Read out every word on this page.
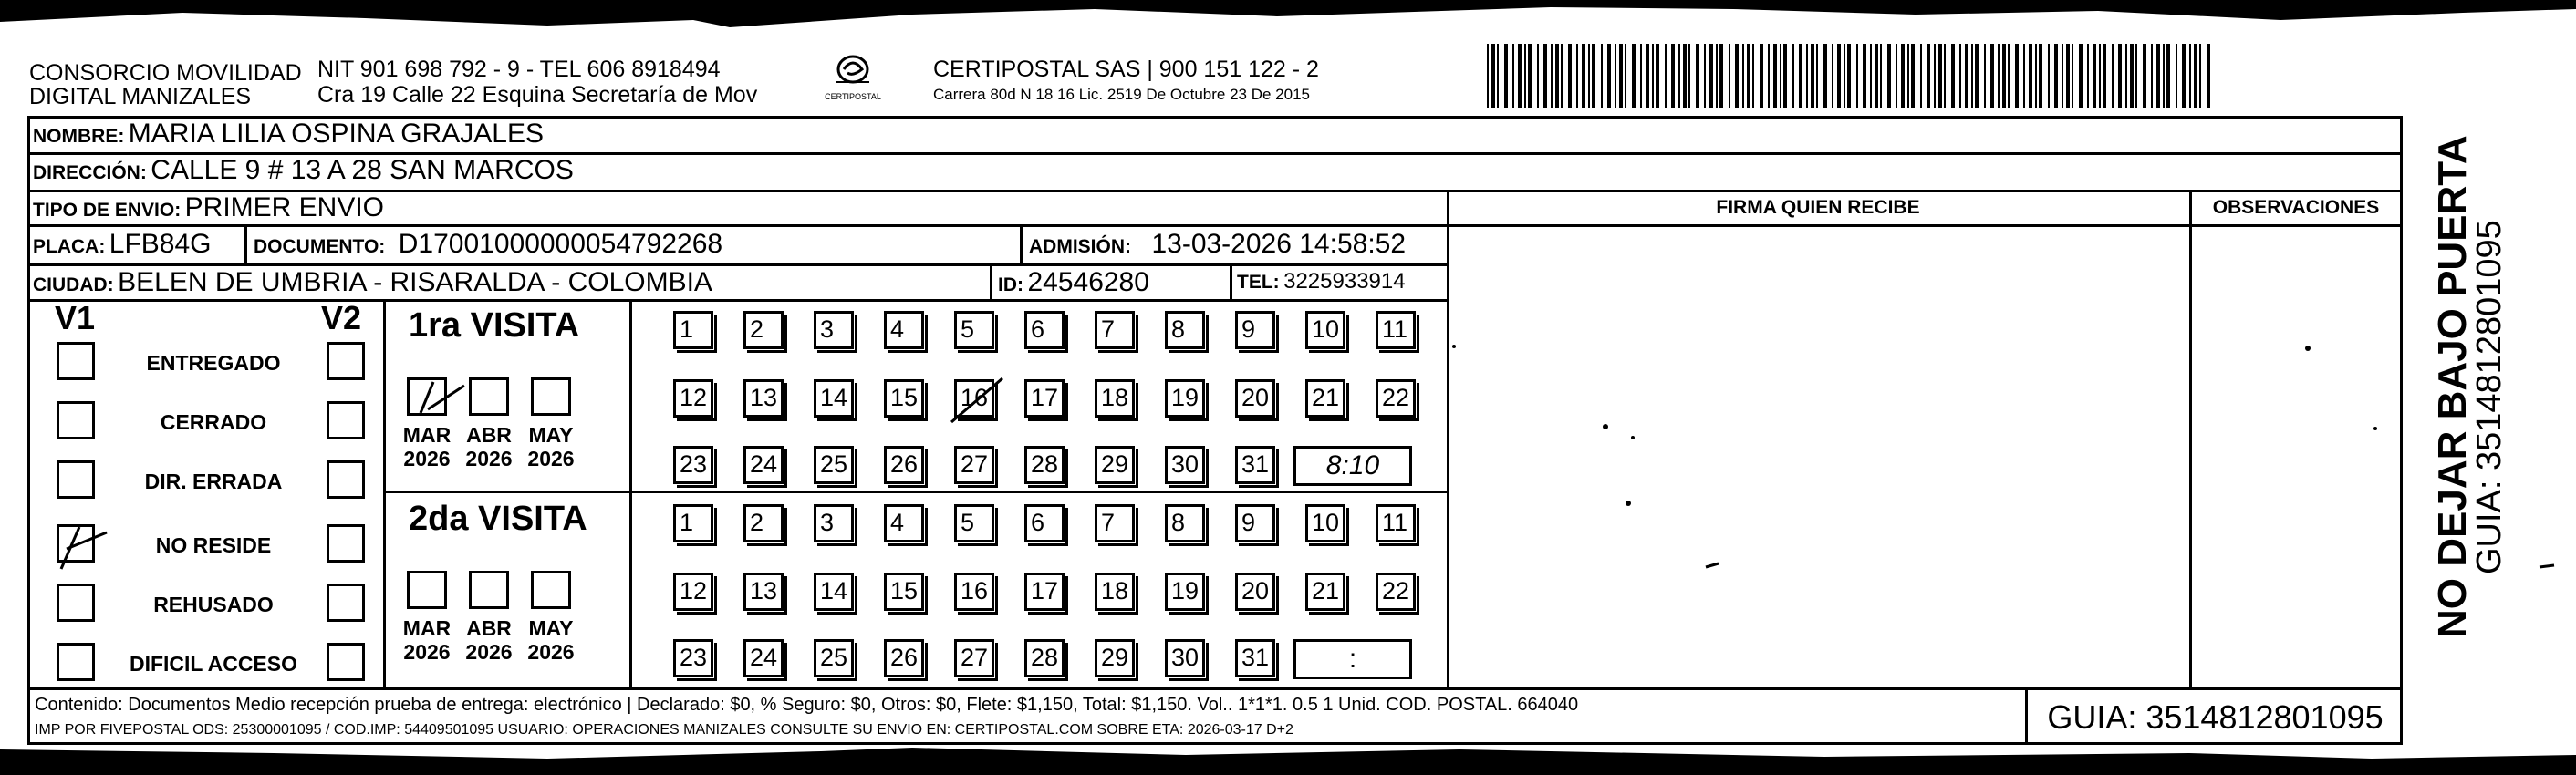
CONSORCIO MOVILIDAD
DIGITAL MANIZALES
NIT 901 698 792 - 9 - TEL 606 8918494
Cra 19 Calle 22 Esquina Secretaría de Mov	CERTIPOSTAL
CERTIPOSTAL SAS | 900 151 122 - 2
Carrera 80d N 18 16 Lic. 2519 De Octubre 23 De 2015
NOMBRE: MARIA LILIA OSPINA GRAJALES
DIRECCIÓN: CALLE 9 # 13 A 28 SAN MARCOS
TIPO DE ENVIO: PRIMER ENVIO	FIRMA QUIEN RECIBE	OBSERVACIONES
PLACA: LFB84G DOCUMENTO: D17001000000054792268	ADMISIÓN: 13-03-2026 14:58:52
CIUDAD: BELEN DE UMBRIA - RISARALDA - COLOMBIA	ID: 24546280	TEL: 3225933914
V1	V2
ENTREGADO
CERRADO
DIR. ERRADA
NO RESIDE
REHUSADO
DIFICIL ACCESO
1ra VISITA
MAR
2026
ABR
2026
MAY
2026
1	2	3	4	5	6	7	8	9	10 11
12 13 14 15 16 17 18 19 20 21 22
23 24 25 26 27 28 29 30 31	8:10
2da VISITA
MAR
2026
ABR
2026
MAY
2026
1	2	3	4	5	6	7	8	9	10 11
12 13 14 15 16 17 18 19 20 21 22
23 24 25 26 27 28 29 30 31	:
Contenido: Documentos Medio recepción prueba de entrega: electrónico | Declarado: $0, % Seguro: $0, Otros: $0, Flete: $1,150, Total: $1,150. Vol.. 1*1*1. 0.5 1 Unid. COD. POSTAL. 664040
IMP POR FIVEPOSTAL ODS: 25300001095 / COD.IMP: 54409501095 USUARIO: OPERACIONES MANIZALES CONSULTE SU ENVIO EN: CERTIPOSTAL.COM SOBRE ETA: 2026-03-17 D+2	GUIA: 3514812801095
NO DEJAR BAJO PUERTA
GUIA: 3514812801095
